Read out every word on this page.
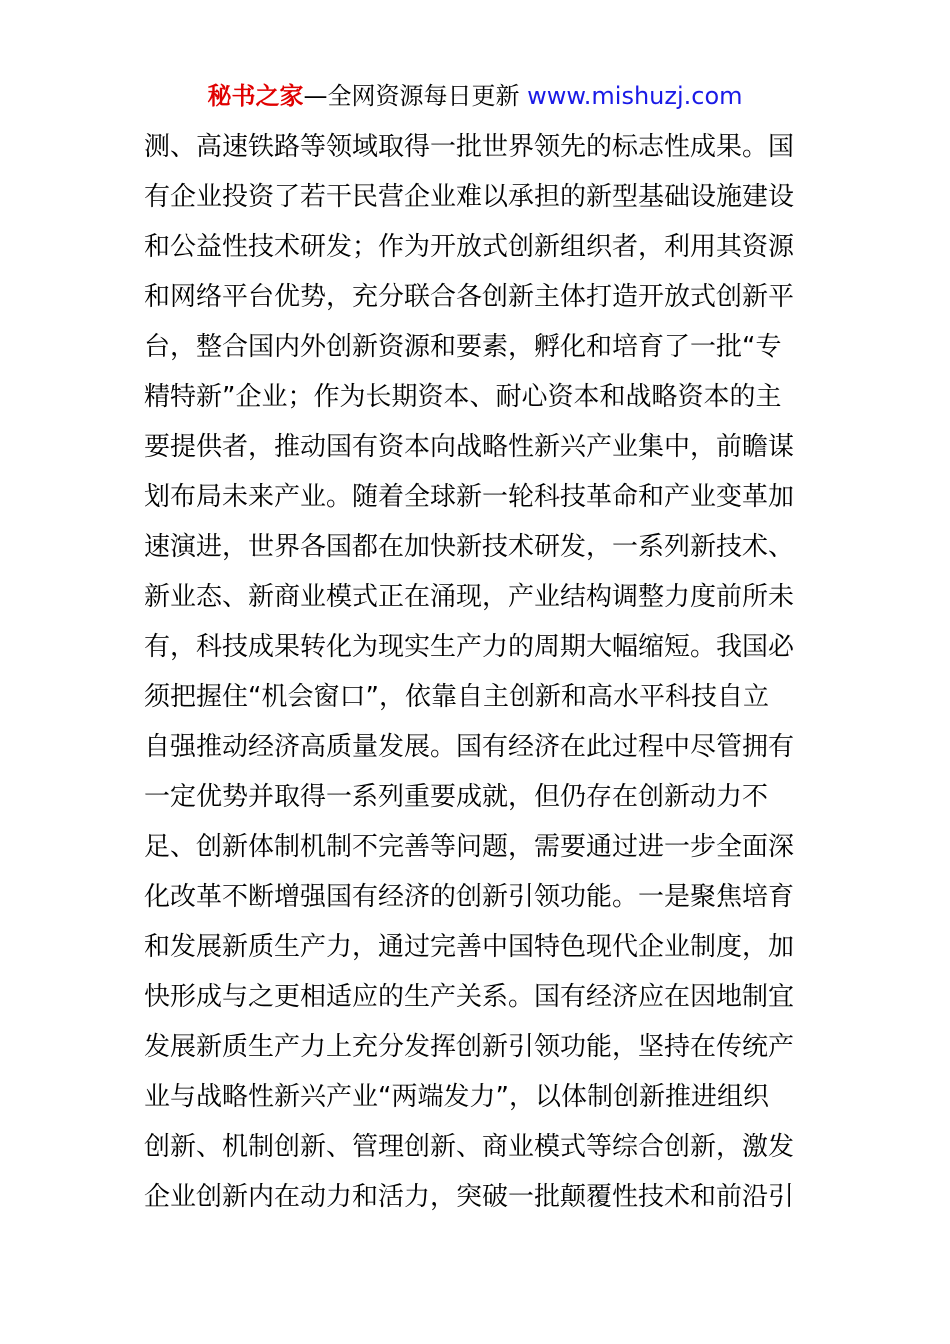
秘书之家—全网资源每日更新 www.mishuzj.com
测、高速铁路等领域取得一批世界领先的标志性成果。国
有企业投资了若干民营企业难以承担的新型基础设施建设
和公益性技术研发；作为开放式创新组织者，利用其资源
和网络平台优势，充分联合各创新主体打造开放式创新平
台，整合国内外创新资源和要素，孵化和培育了一批“专
精特新”企业；作为长期资本、耐心资本和战略资本的主
要提供者，推动国有资本向战略性新兴产业集中，前瞻谋
划布局未来产业。随着全球新一轮科技革命和产业变革加
速演进，世界各国都在加快新技术研发，一系列新技术、
新业态、新商业模式正在涌现，产业结构调整力度前所未
有，科技成果转化为现实生产力的周期大幅缩短。我国必
须把握住“机会窗口”，依靠自主创新和高水平科技自立
自强推动经济高质量发展。国有经济在此过程中尽管拥有
一定优势并取得一系列重要成就，但仍存在创新动力不
足、创新体制机制不完善等问题，需要通过进一步全面深
化改革不断增强国有经济的创新引领功能。一是聚焦培育
和发展新质生产力，通过完善中国特色现代企业制度，加
快形成与之更相适应的生产关系。国有经济应在因地制宜
发展新质生产力上充分发挥创新引领功能，坚持在传统产
业与战略性新兴产业“两端发力”，以体制创新推进组织
创新、机制创新、管理创新、商业模式等综合创新，激发
企业创新内在动力和活力，突破一批颠覆性技术和前沿引
